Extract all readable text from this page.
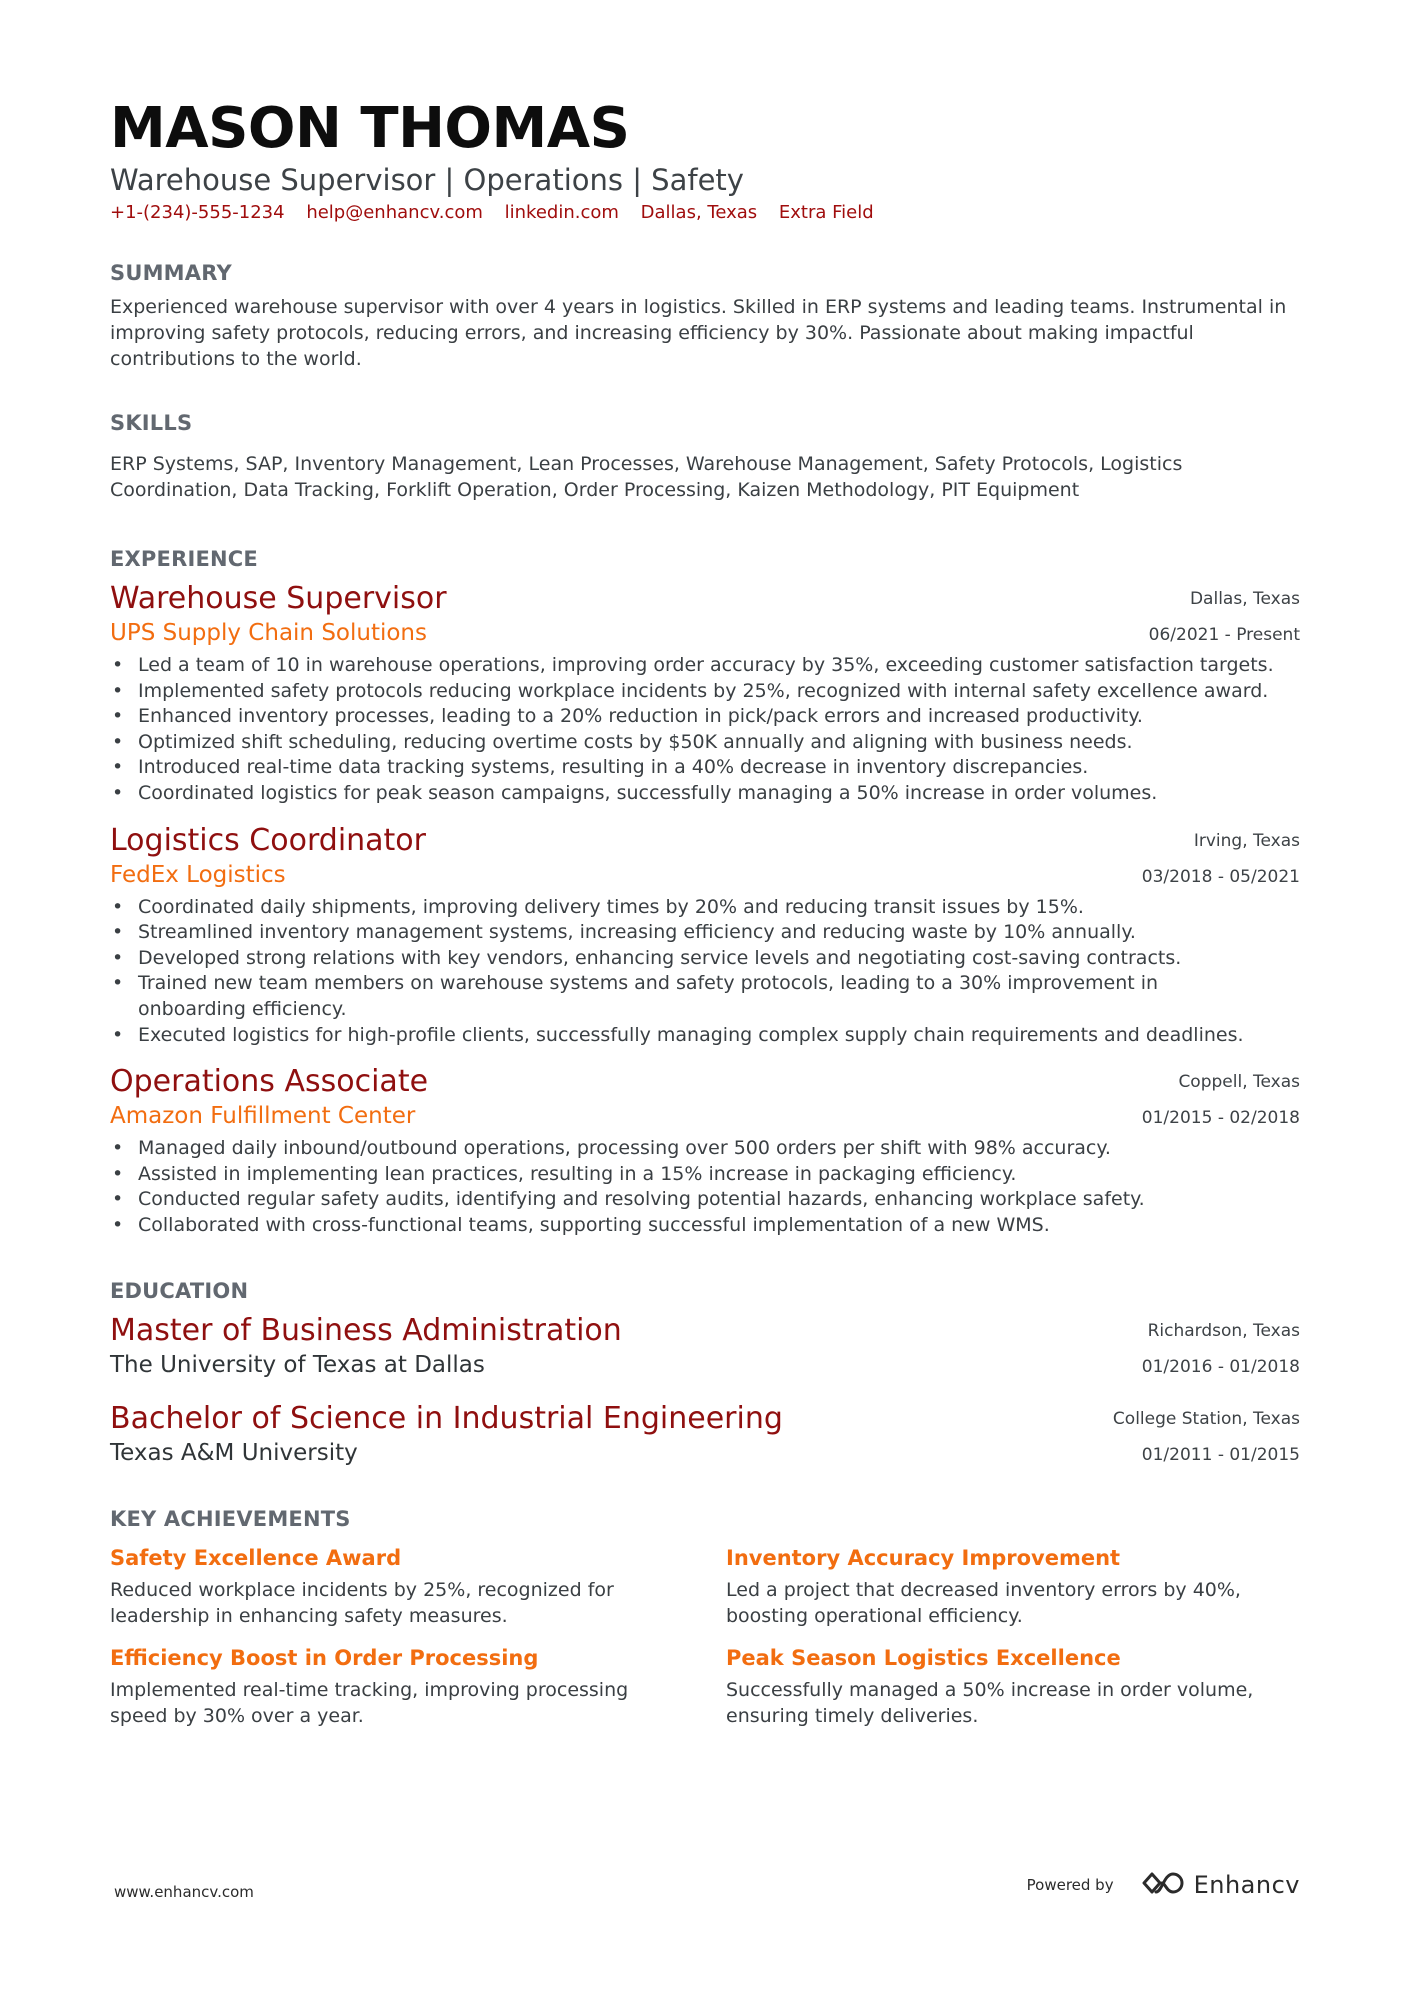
MASON THOMAS
Warehouse Supervisor | Operations | Safety
+1-(234)-555-1234 help@enhancv.com linkedin.com Dallas, Texas Extra Field
SUMMARY
Experienced warehouse supervisor with over 4 years in logistics. Skilled in ERP systems and leading teams. Instrumental in improving safety protocols, reducing errors, and increasing efficiency by 30%. Passionate about making impactful contributions to the world.
SKILLS
ERP Systems, SAP, Inventory Management, Lean Processes, Warehouse Management, Safety Protocols, Logistics Coordination, Data Tracking, Forklift Operation, Order Processing, Kaizen Methodology, PIT Equipment
EXPERIENCE
Warehouse Supervisor
UPS Supply Chain Solutions
Dallas, Texas
06/2021 - Present
• Led a team of 10 in warehouse operations, improving order accuracy by 35%, exceeding customer satisfaction targets.
• Implemented safety protocols reducing workplace incidents by 25%, recognized with internal safety excellence award.
• Enhanced inventory processes, leading to a 20% reduction in pick/pack errors and increased productivity.
• Optimized shift scheduling, reducing overtime costs by $50K annually and aligning with business needs.
• Introduced real-time data tracking systems, resulting in a 40% decrease in inventory discrepancies.
• Coordinated logistics for peak season campaigns, successfully managing a 50% increase in order volumes.
Logistics Coordinator
FedEx Logistics
Irving, Texas
03/2018 - 05/2021
• Coordinated daily shipments, improving delivery times by 20% and reducing transit issues by 15%.
• Streamlined inventory management systems, increasing efficiency and reducing waste by 10% annually.
• Developed strong relations with key vendors, enhancing service levels and negotiating cost-saving contracts.
• Trained new team members on warehouse systems and safety protocols, leading to a 30% improvement in onboarding efficiency.
• Executed logistics for high-profile clients, successfully managing complex supply chain requirements and deadlines.
Operations Associate
Amazon Fulfillment Center
Coppell, Texas
01/2015 - 02/2018
• Managed daily inbound/outbound operations, processing over 500 orders per shift with 98% accuracy.
• Assisted in implementing lean practices, resulting in a 15% increase in packaging efficiency.
• Conducted regular safety audits, identifying and resolving potential hazards, enhancing workplace safety.
• Collaborated with cross-functional teams, supporting successful implementation of a new WMS.
EDUCATION
Master of Business Administration
The University of Texas at Dallas
Richardson, Texas
01/2016 - 01/2018
Bachelor of Science in Industrial Engineering
Texas A&M University
College Station, Texas
01/2011 - 01/2015
KEY ACHIEVEMENTS
Safety Excellence Award
Reduced workplace incidents by 25%, recognized for leadership in enhancing safety measures.
Inventory Accuracy Improvement
Led a project that decreased inventory errors by 40%, boosting operational efficiency.
Efficiency Boost in Order Processing
Implemented real-time tracking, improving processing speed by 30% over a year.
Peak Season Logistics Excellence
Successfully managed a 50% increase in order volume, ensuring timely deliveries.
www.enhancv.com	Powered by	Enhancv
